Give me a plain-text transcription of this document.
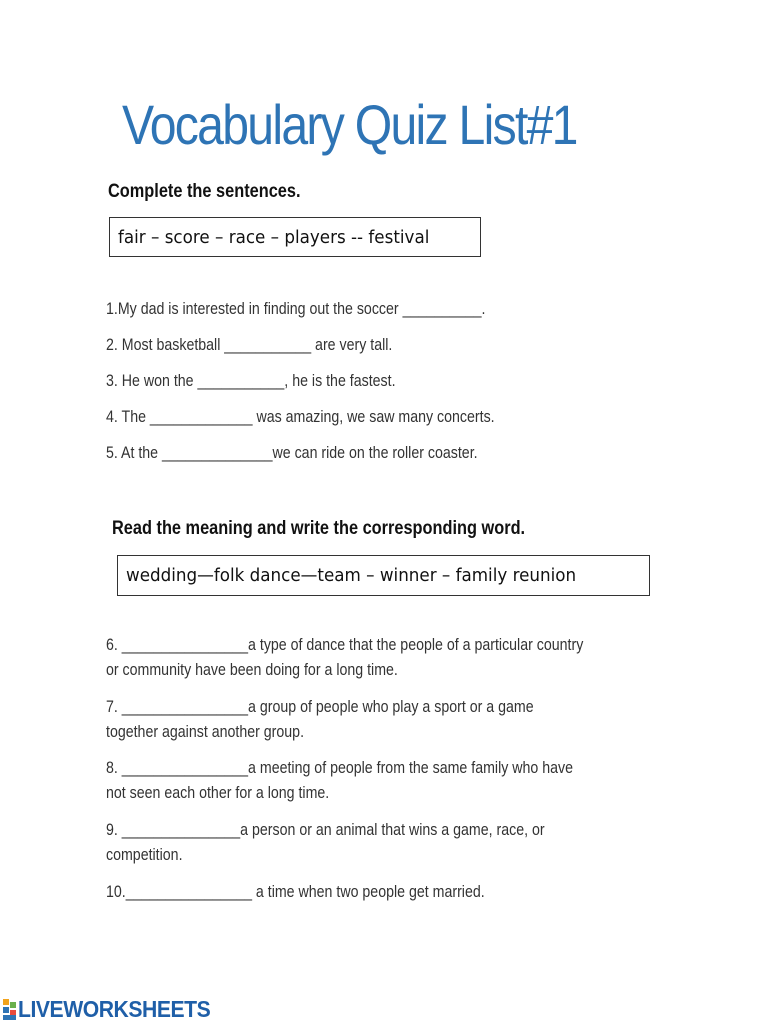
Vocabulary Quiz List#1
Complete the sentences.
fair – score – race – players -- festival
1.My dad is interested in finding out the soccer __________.
2. Most basketball ___________ are very tall.
3. He won the ___________, he is the fastest.
4. The _____________ was amazing, we saw many concerts.
5. At the ______________we can ride on the roller coaster.
Read the meaning and write the corresponding word.
wedding—folk dance—team – winner – family reunion
6. ________________a type of dance that the people of a particular country
or community have been doing for a long time.
7. ________________a group of people who play a sport or a game
together against another group.
8. ________________a meeting of people from the same family who have
not seen each other for a long time.
9. _______________a person or an animal that wins a game, race, or
competition.
10.________________ a time when two people get married.
LIVEWORKSHEETS
